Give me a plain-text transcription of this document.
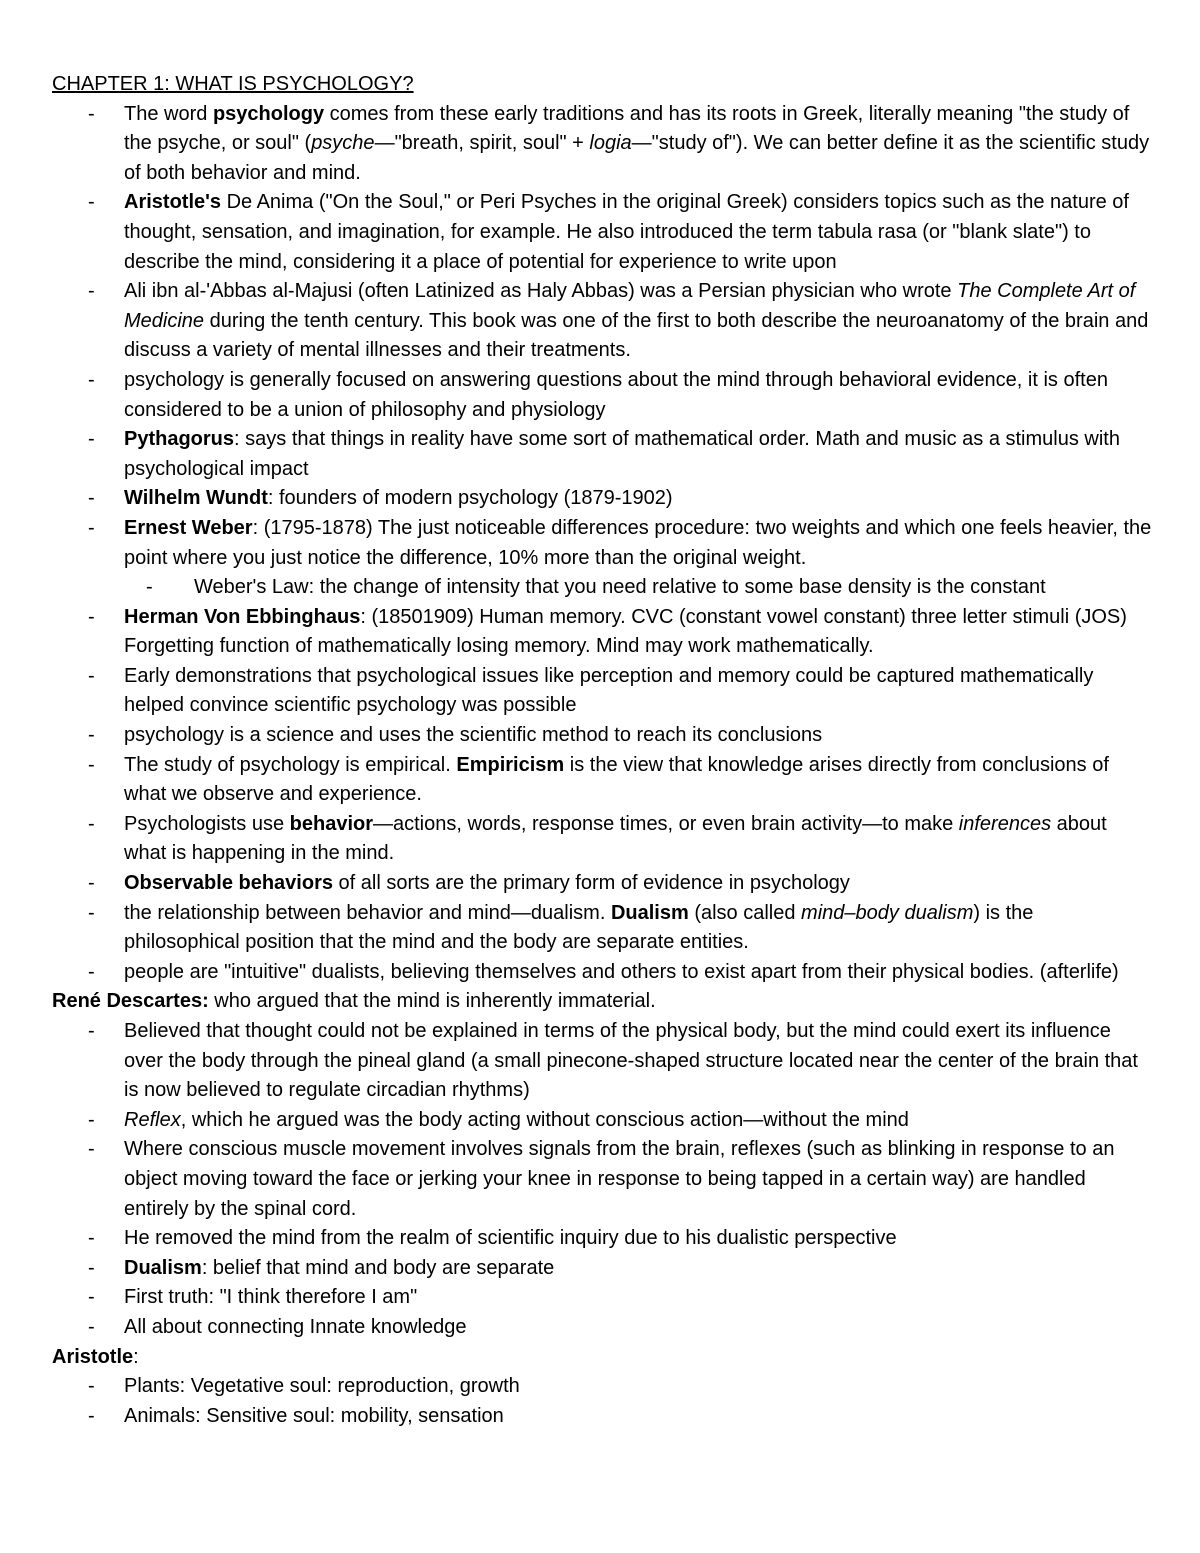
CHAPTER 1: WHAT IS PSYCHOLOGY?

- The word psychology comes from these early traditions and has its roots in Greek, literally meaning "the study of the psyche, or soul" (psyche—"breath, spirit, soul" + logia—"study of"). We can better define it as the scientific study of both behavior and mind.
- Aristotle's De Anima ("On the Soul," or Peri Psyches in the original Greek) considers topics such as the nature of thought, sensation, and imagination, for example. He also introduced the term tabula rasa (or "blank slate") to describe the mind, considering it a place of potential for experience to write upon
- Ali ibn al-'Abbas al-Majusi (often Latinized as Haly Abbas) was a Persian physician who wrote The Complete Art of Medicine during the tenth century. This book was one of the first to both describe the neuroanatomy of the brain and discuss a variety of mental illnesses and their treatments.
- psychology is generally focused on answering questions about the mind through behavioral evidence, it is often considered to be a union of philosophy and physiology
- Pythagorus: says that things in reality have some sort of mathematical order. Math and music as a stimulus with psychological impact
- Wilhelm Wundt: founders of modern psychology (1879-1902)
- Ernest Weber: (1795-1878) The just noticeable differences procedure: two weights and which one feels heavier, the point where you just notice the difference, 10% more than the original weight.
- Weber's Law: the change of intensity that you need relative to some base density is the constant
- Herman Von Ebbinghaus: (18501909) Human memory. CVC (constant vowel constant) three letter stimuli (JOS) Forgetting function of mathematically losing memory. Mind may work mathematically.
- Early demonstrations that psychological issues like perception and memory could be captured mathematically helped convince scientific psychology was possible
- psychology is a science and uses the scientific method to reach its conclusions
- The study of psychology is empirical. Empiricism is the view that knowledge arises directly from conclusions of what we observe and experience.
- Psychologists use behavior—actions, words, response times, or even brain activity—to make inferences about what is happening in the mind.
- Observable behaviors of all sorts are the primary form of evidence in psychology
- the relationship between behavior and mind—dualism. Dualism (also called mind–body dualism) is the philosophical position that the mind and the body are separate entities.
- people are "intuitive" dualists, believing themselves and others to exist apart from their physical bodies. (afterlife)

René Descartes: who argued that the mind is inherently immaterial.

- Believed that thought could not be explained in terms of the physical body, but the mind could exert its influence over the body through the pineal gland (a small pinecone-shaped structure located near the center of the brain that is now believed to regulate circadian rhythms)
- Reflex, which he argued was the body acting without conscious action—without the mind
- Where conscious muscle movement involves signals from the brain, reflexes (such as blinking in response to an object moving toward the face or jerking your knee in response to being tapped in a certain way) are handled entirely by the spinal cord.
- He removed the mind from the realm of scientific inquiry due to his dualistic perspective
- Dualism: belief that mind and body are separate
- First truth: "I think therefore I am"
- All about connecting Innate knowledge

Aristotle:

- Plants: Vegetative soul: reproduction, growth
- Animals: Sensitive soul: mobility, sensation
